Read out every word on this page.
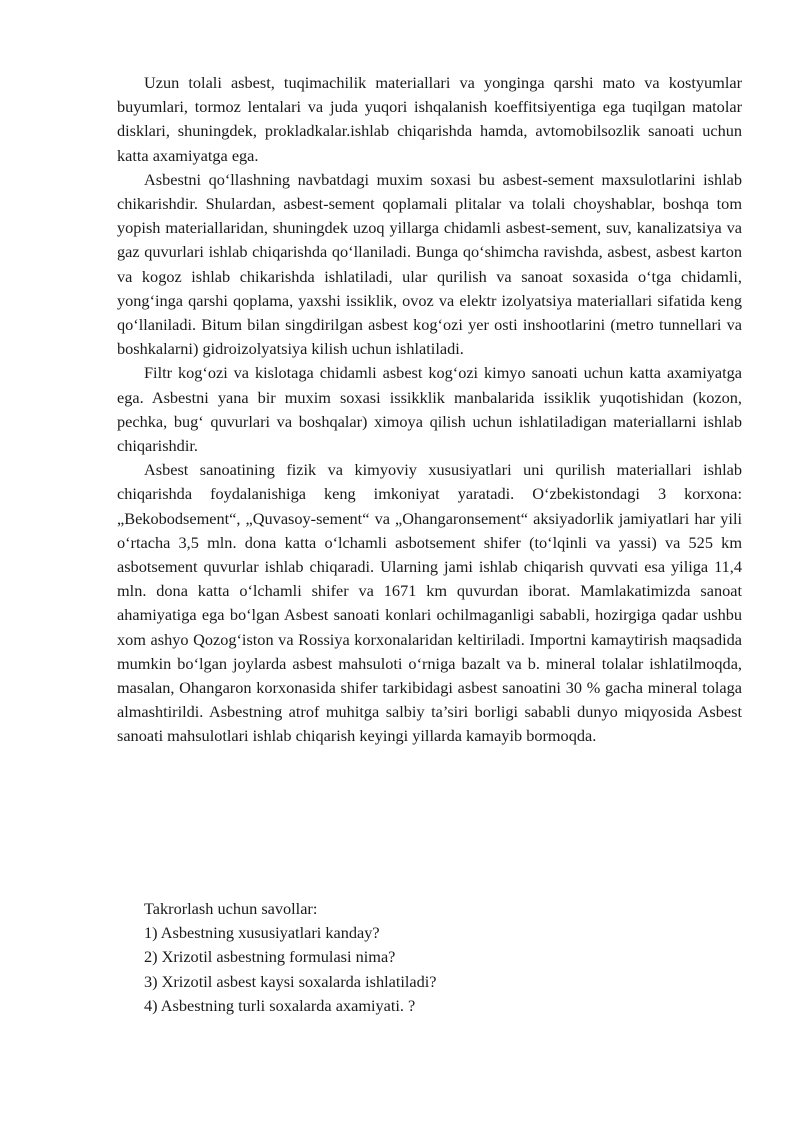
Uzun tolali asbest, tuqimachilik materiallari va yonginga qarshi mato va kostyumlar buyumlari, tormoz lentalari va juda yuqori ishqalanish koeffitsiyentiga ega tuqilgan matolar disklari, shuningdek, prokladkalar.ishlab chiqarishda hamda, avtomobilsozlik sanoati uchun katta axamiyatga ega.

Asbestni qo‘llashning navbatdagi muxim soxasi bu asbest-sement maxsulotlarini ishlab chikarishdir. Shulardan, asbest-sement qoplamali plitalar va tolali choyshablar, boshqa tom yopish materiallaridan, shuningdek uzoq yillarga chidamli asbest-sement, suv, kanalizatsiya va gaz quvurlari ishlab chiqarishda qo‘llaniladi. Bunga qo‘shimcha ravishda, asbest, asbest karton va kogoz ishlab chikarishda ishlatiladi, ular qurilish va sanoat soxasida o‘tga chidamli, yong‘inga qarshi qoplama, yaxshi issiklik, ovoz va elektr izolyatsiya materiallari sifatida keng qo‘llaniladi. Bitum bilan singdirilgan asbest kog‘ozi yer osti inshootlarini (metro tunnellari va boshkalarni) gidroizolyatsiya kilish uchun ishlatiladi.

Filtr kog‘ozi va kislotaga chidamli asbest kog‘ozi kimyo sanoati uchun katta axamiyatga ega. Asbestni yana bir muxim soxasi issikklik manbalarida issiklik yuqotishidan (kozon, pechka, bug‘ quvurlari va boshqalar) ximoya qilish uchun ishlatiladigan materiallarni ishlab chiqarishdir.

Asbest sanoatining fizik va kimyoviy xususiyatlari uni qurilish materiallari ishlab chiqarishda foydalanishiga keng imkoniyat yaratadi. O‘zbekistondagi 3 korxona: „Bekobodsement“, „Quvasoy-sement“ va „Ohangaronsement“ aksiyadorlik jamiyatlari har yili o‘rtacha 3,5 mln. dona katta o‘lchamli asbotsement shifer (to‘lqinli va yassi) va 525 km asbotsement quvurlar ishlab chiqaradi. Ularning jami ishlab chiqarish quvvati esa yiliga 11,4 mln. dona katta o‘lchamli shifer va 1671 km quvurdan iborat. Mamlakatimizda sanoat ahamiyatiga ega bo‘lgan Asbest sanoati konlari ochilmaganligi sababli, hozirgiga qadar ushbu xom ashyo Qozog‘iston va Rossiya korxonalaridan keltiriladi. Importni kamaytirish maqsadida mumkin bo‘lgan joylarda asbest mahsuloti o‘rniga bazalt va b. mineral tolalar ishlatilmoqda, masalan, Ohangaron korxonasida shifer tarkibidagi asbest sanoatini 30 % gacha mineral tolaga almashtirildi. Asbestning atrof muhitga salbiy ta’siri borligi sababli dunyo miqyosida Asbest sanoati mahsulotlari ishlab chiqarish keyingi yillarda kamayib bormoqda.

Takrorlash uchun savollar:
1) Asbestning xususiyatlari kanday?
2) Xrizotil asbestning formulasi nima?
3) Xrizotil asbest kaysi soxalarda ishlatiladi?
4) Asbestning turli soxalarda axamiyati. ?
